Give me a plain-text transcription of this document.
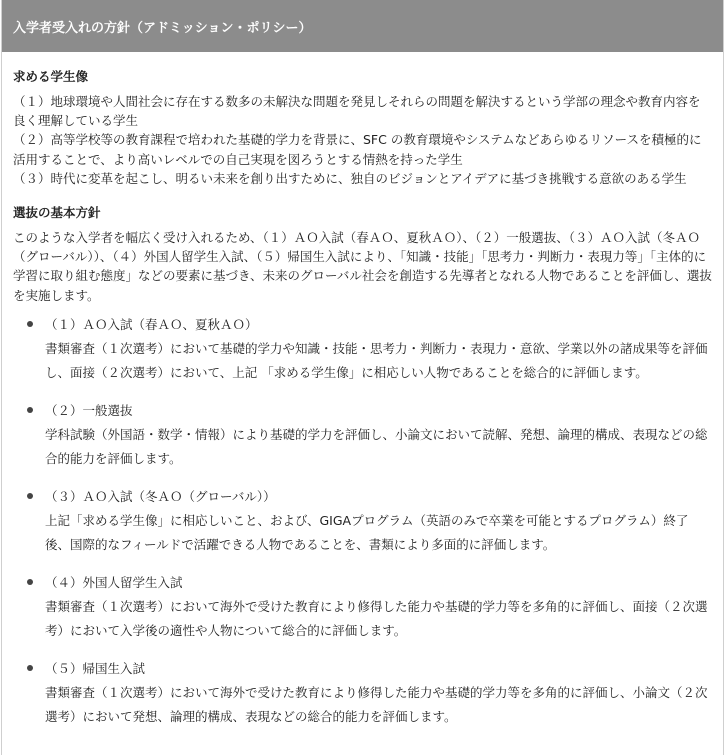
入学者受入れの方針（アドミッション・ポリシー）
求める学生像

（１）地球環境や人間社会に存在する数多の未解決な問題を発見しそれらの問題を解決するという学部の理念や教育内容を良く理解している学生

（２）高等学校等の教育課程で培われた基礎的学力を背景に、SFC の教育環境やシステムなどあらゆるリソースを積極的に活用することで、より高いレベルでの自己実現を図ろうとする情熱を持った学生

（３）時代に変革を起こし、明るい未来を創り出すために、独自のビジョンとアイデアに基づき挑戦する意欲のある学生

選抜の基本方針

このような入学者を幅広く受け入れるため、（１）ＡＯ入試（春ＡＯ、夏秋ＡＯ）、（２）一般選抜、（３）ＡＯ入試（冬ＡＯ（グローバル））、（４）外国人留学生入試、（５）帰国生入試により、「知識・技能」「思考力・判断力・表現力等」「主体的に学習に取り組む態度」などの要素に基づき、未来のグローバル社会を創造する先導者となれる人物であることを評価し、選抜を実施します。

（１）ＡＯ入試（春ＡＯ、夏秋ＡＯ）

書類審査（１次選考）において基礎的学力や知識・技能・思考力・判断力・表現力・意欲、学業以外の諸成果等を評価し、面接（２次選考）において、上記 「求める学生像」に相応しい人物であることを総合的に評価します。

（２）一般選抜

学科試験（外国語・数学・情報）により基礎的学力を評価し、小論文において読解、発想、論理的構成、表現などの総合的能力を評価します。

（３）ＡＯ入試（冬ＡＯ（グローバル））

上記「求める学生像」に相応しいこと、および、GIGAプログラム（英語のみで卒業を可能とするプログラム）終了後、国際的なフィールドで活躍できる人物であることを、書類により多面的に評価します。

（４）外国人留学生入試

書類審査（１次選考）において海外で受けた教育により修得した能力や基礎的学力等を多角的に評価し、面接（２次選考）において入学後の適性や人物について総合的に評価します。

（５）帰国生入試

書類審査（１次選考）において海外で受けた教育により修得した能力や基礎的学力等を多角的に評価し、小論文（２次選考）において発想、論理的構成、表現などの総合的能力を評価します。
